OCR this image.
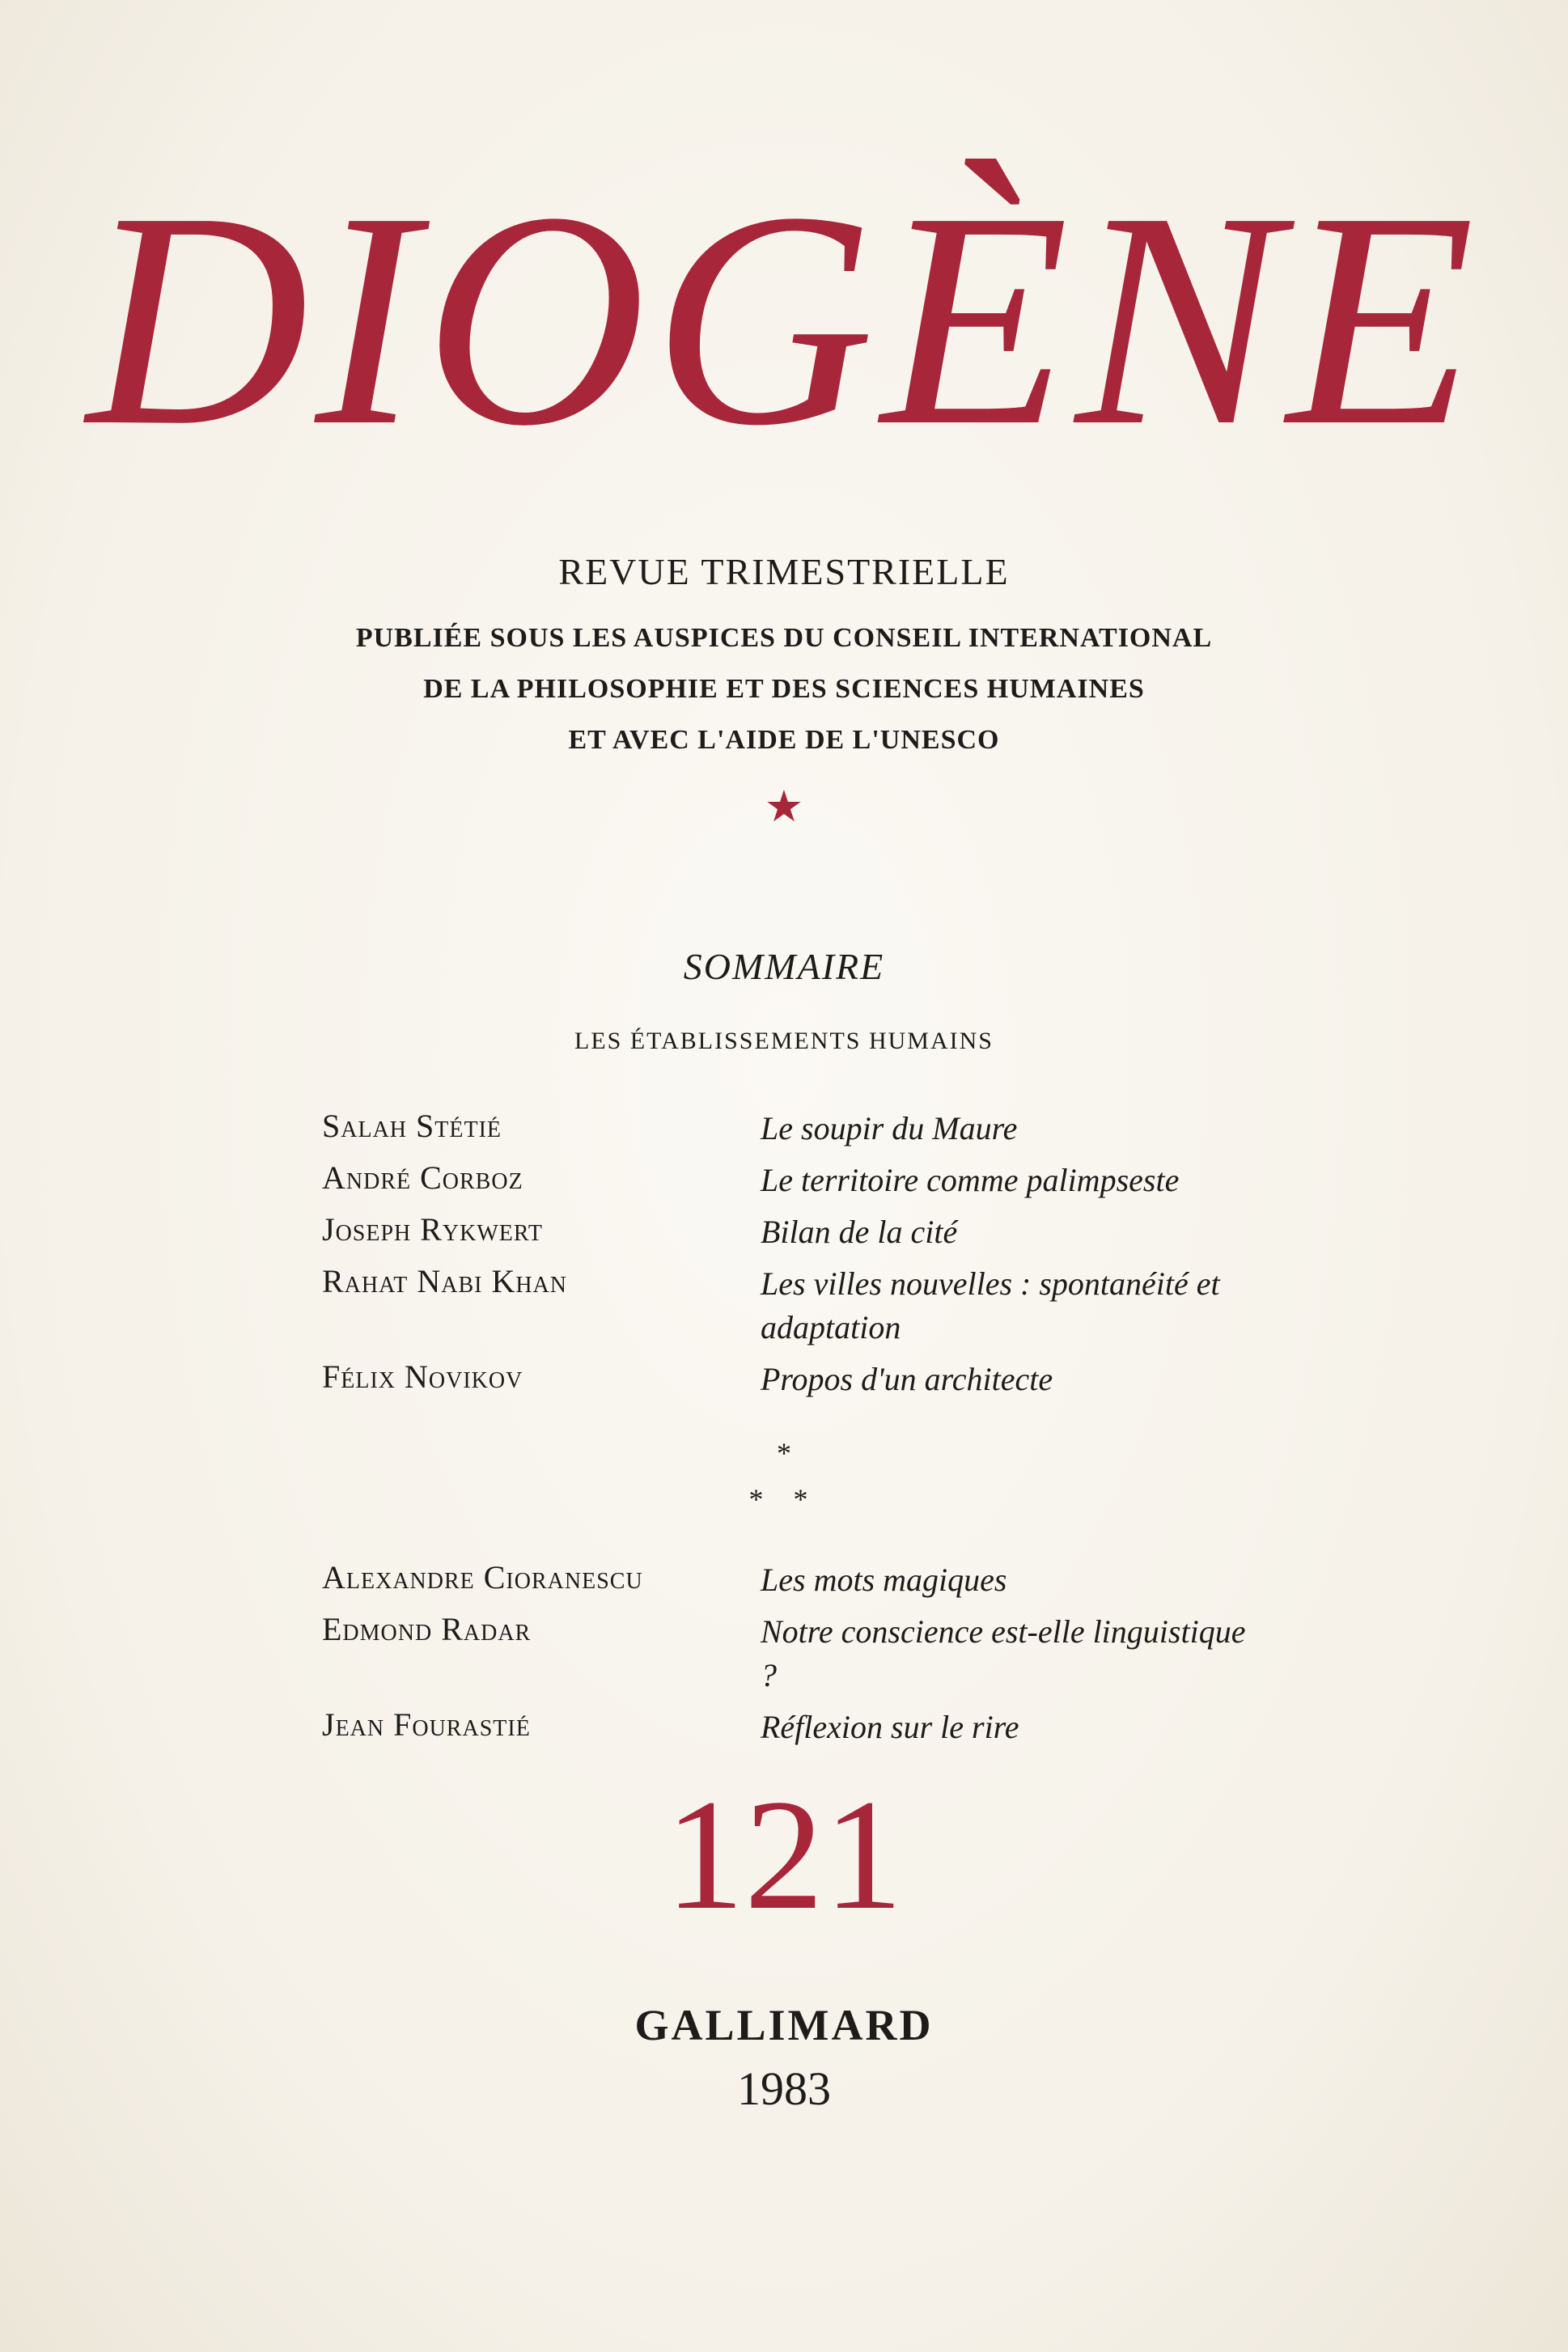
DIOGÈNE
REVUE TRIMESTRIELLE
PUBLIÉE SOUS LES AUSPICES DU CONSEIL INTERNATIONAL
DE LA PHILOSOPHIE ET DES SCIENCES HUMAINES
ET AVEC L'AIDE DE L'UNESCO
★
SOMMAIRE
LES ÉTABLISSEMENTS HUMAINS
Salah Stétié	Le soupir du Maure
André Corboz	Le territoire comme palimpseste
Joseph Rykwert	Bilan de la cité
Rahat Nabi Khan	Les villes nouvelles : spontanéité et adaptation
Félix Novikov	Propos d'un architecte
*
* *
Alexandre Cioranescu	Les mots magiques
Edmond Radar	Notre conscience est-elle linguistique ?
Jean Fourastié	Réflexion sur le rire
121
GALLIMARD
1983
